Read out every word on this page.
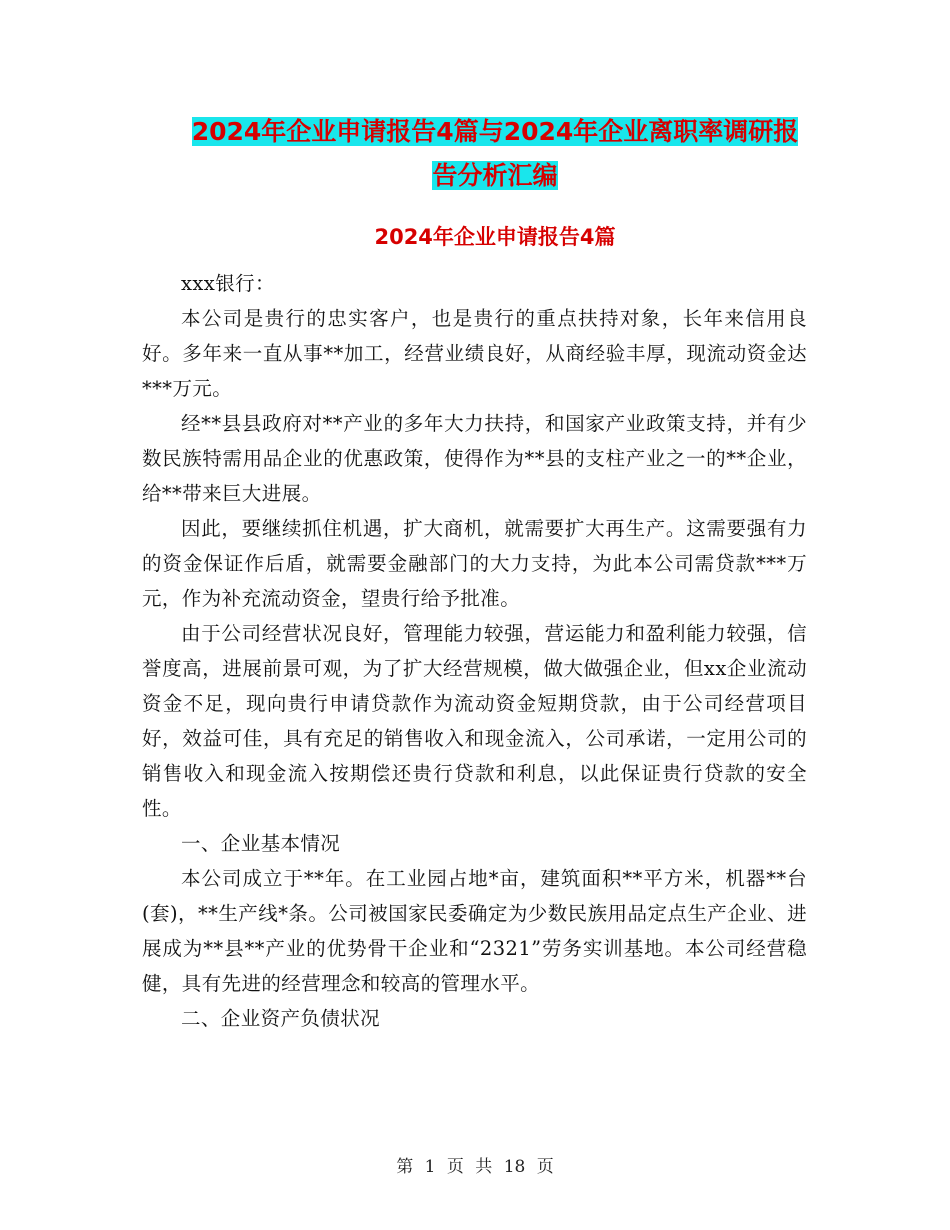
2024年企业申请报告4篇与2024年企业离职率调研报
告分析汇编
2024年企业申请报告4篇

xxx银行：

本公司是贵行的忠实客户，也是贵行的重点扶持对象，长年来信用良好。多年来一直从事**加工，经营业绩良好，从商经验丰厚，现流动资金达***万元。

经**县县政府对**产业的多年大力扶持，和国家产业政策支持，并有少数民族特需用品企业的优惠政策，使得作为**县的支柱产业之一的**企业，给**带来巨大进展。

因此，要继续抓住机遇，扩大商机，就需要扩大再生产。这需要强有力的资金保证作后盾，就需要金融部门的大力支持，为此本公司需贷款***万元，作为补充流动资金，望贵行给予批准。

由于公司经营状况良好，管理能力较强，营运能力和盈利能力较强，信誉度高，进展前景可观，为了扩大经营规模，做大做强企业，但xx企业流动资金不足，现向贵行申请贷款作为流动资金短期贷款，由于公司经营项目好，效益可佳，具有充足的销售收入和现金流入，公司承诺，一定用公司的销售收入和现金流入按期偿还贵行贷款和利息，以此保证贵行贷款的安全性。

一、企业基本情况

本公司成立于**年。在工业园占地*亩，建筑面积**平方米，机器**台(套)，**生产线*条。公司被国家民委确定为少数民族用品定点生产企业、进展成为**县**产业的优势骨干企业和“2321”劳务实训基地。本公司经营稳健，具有先进的经营理念和较高的管理水平。

二、企业资产负债状况

第 1 页 共 18 页
